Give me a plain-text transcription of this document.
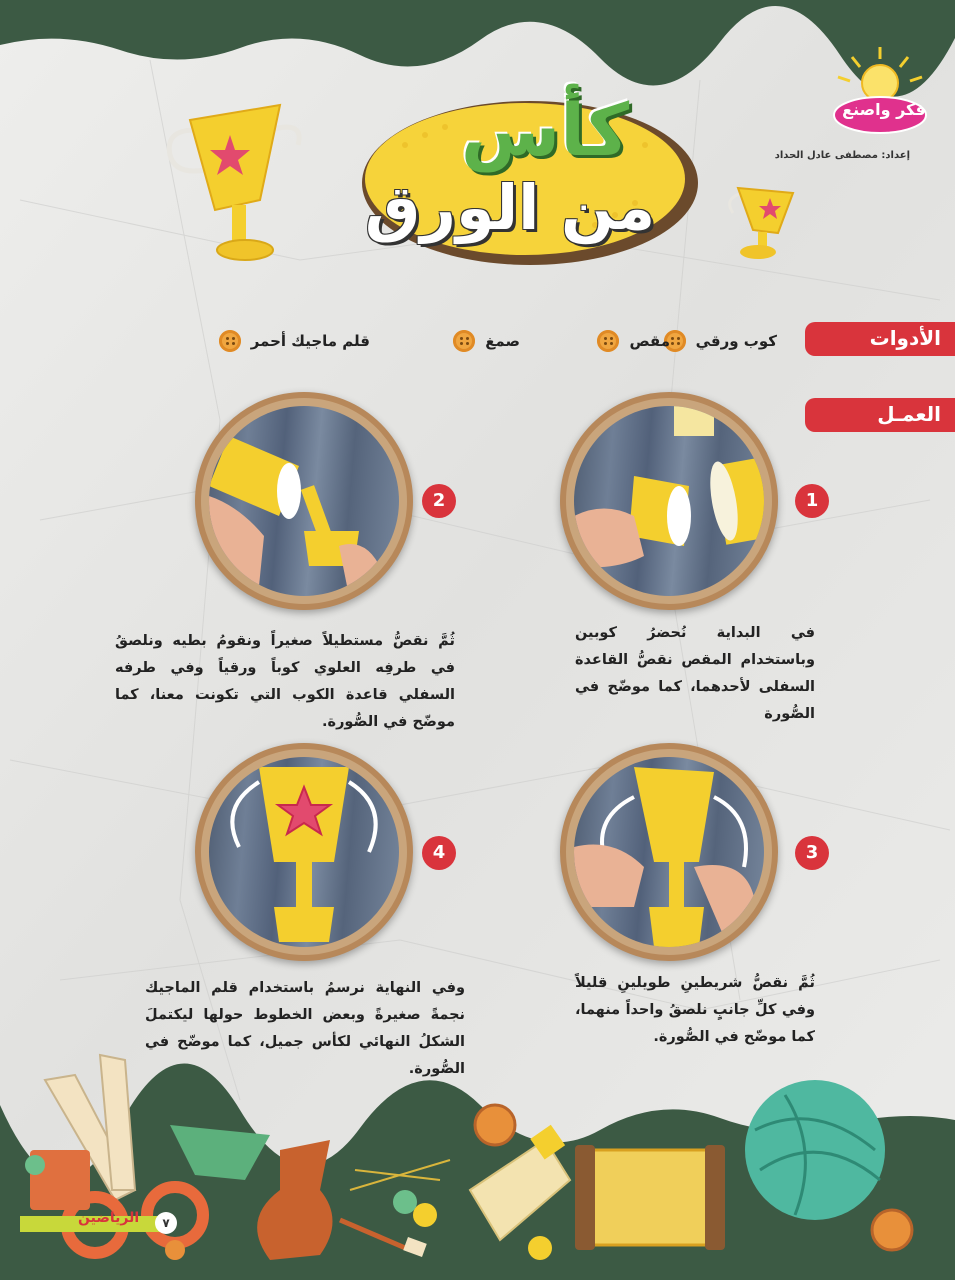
فكر واصنع
إعداد: مصطفى عادل الحداد
كأس
من الورق
الأدوات
كوب ورقي
مقص
صمغ
قلم ماجيك أحمر
العمـل
1
في البداية نُحضرُ كوبين وباستخدام المقص نقصُّ القاعدة السفلى لأحدهما، كما موضّح في الصُّورة
2
ثُمَّ نقصُّ مستطيلاً صغيراً ونقومُ بطيه ونلصقُ في طرفِه العلوي كوباً ورقياً وفي طرفه السفلي قاعدة الكوب التي تكونت معنا، كما موضّح في الصُّورة.
3
ثُمَّ نقصُّ شريطينِ طويلينِ قليلاً وفي كلِّ جانبٍ نلصقُ واحداً منهما، كما موضّح في الصُّورة.
4
وفي النهاية نرسمُ باستخدام قلم الماجيك نجمةً صغيرةً وبعض الخطوط حولها ليكتملَ الشكلُ النهائي لكأس جميل، كما موضّح في الصُّورة.
الرياضين	٧
